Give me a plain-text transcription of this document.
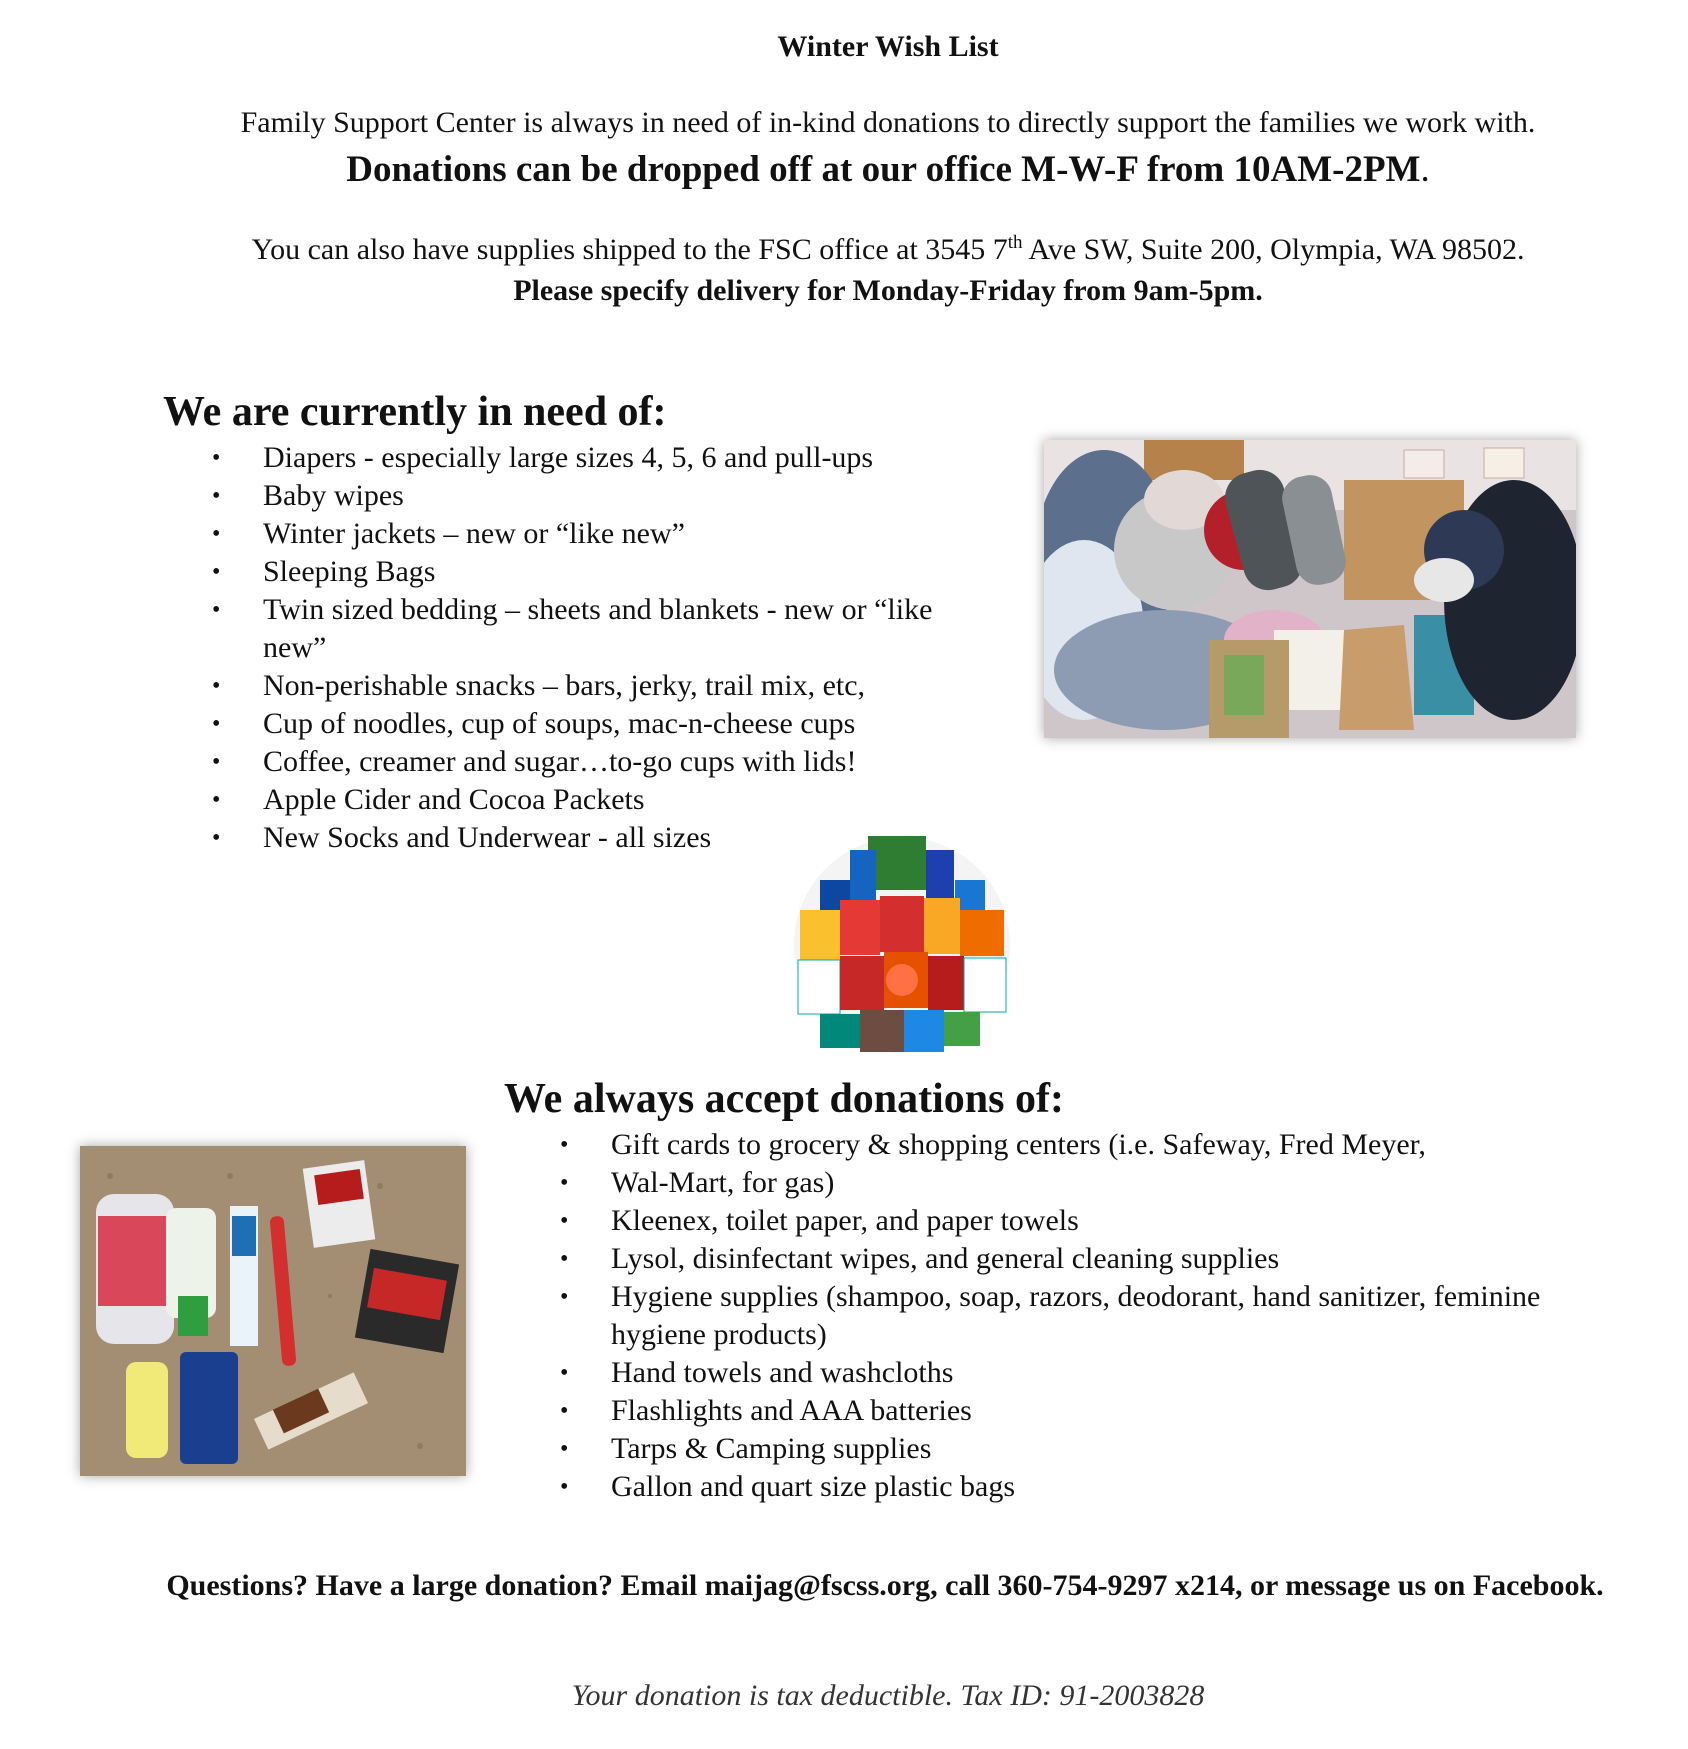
Winter Wish List
Family Support Center is always in need of in-kind donations to directly support the families we work with.
Donations can be dropped off at our office M-W-F from 10AM-2PM.
You can also have supplies shipped to the FSC office at 3545 7th Ave SW, Suite 200, Olympia, WA 98502.
Please specify delivery for Monday-Friday from 9am-5pm.
We are currently in need of:
• Diapers - especially large sizes 4, 5, 6 and pull-ups
• Baby wipes
• Winter jackets – new or “like new”
• Sleeping Bags
• Twin sized bedding – sheets and blankets - new or “like new”
• Non-perishable snacks – bars, jerky, trail mix, etc,
• Cup of noodles, cup of soups, mac-n-cheese cups
• Coffee, creamer and sugar…to-go cups with lids!
• Apple Cider and Cocoa Packets
• New Socks and Underwear - all sizes
We always accept donations of:
• Gift cards to grocery & shopping centers (i.e. Safeway, Fred Meyer,
• Wal-Mart, for gas)
• Kleenex, toilet paper, and paper towels
• Lysol, disinfectant wipes, and general cleaning supplies
• Hygiene supplies (shampoo, soap, razors, deodorant, hand sanitizer, feminine hygiene products)
• Hand towels and washcloths
• Flashlights and AAA batteries
• Tarps & Camping supplies
• Gallon and quart size plastic bags
Questions? Have a large donation? Email maijag@fscss.org, call 360-754-9297 x214, or message us on Facebook.
Your donation is tax deductible. Tax ID: 91-2003828
